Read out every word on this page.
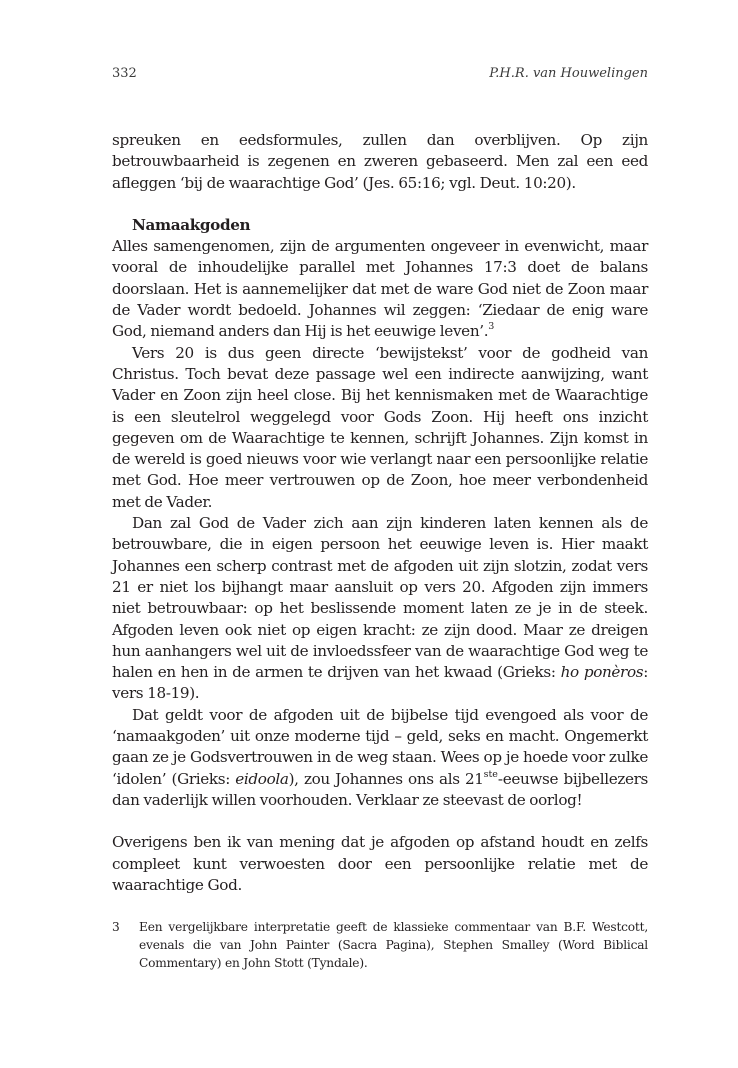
332	P.H.R. van Houwelingen

spreuken en eedsformules, zullen dan overblijven. Op zijn betrouwbaarheid is zegenen en zweren gebaseerd. Men zal een eed afleggen ‘bij de waarachtige God’ (Jes. 65:16; vgl. Deut. 10:20).

Namaakgoden

Alles samengenomen, zijn de argumenten ongeveer in evenwicht, maar vooral de inhoudelijke parallel met Johannes 17:3 doet de balans doorslaan. Het is aannemelijker dat met de ware God niet de Zoon maar de Vader wordt bedoeld. Johannes wil zeggen: ‘Ziedaar de enig ware God, niemand anders dan Hij is het eeuwige leven’.$^3$

Vers 20 is dus geen directe ‘bewijstekst’ voor de godheid van Christus. Toch bevat deze passage wel een indirecte aanwijzing, want Vader en Zoon zijn heel close. Bij het kennismaken met de Waarachtige is een sleutelrol weggelegd voor Gods Zoon. Hij heeft ons inzicht gegeven om de Waarachtige te kennen, schrijft Johannes. Zijn komst in de wereld is goed nieuws voor wie verlangt naar een persoonlijke relatie met God. Hoe meer vertrouwen op de Zoon, hoe meer verbondenheid met de Vader.

Dan zal God de Vader zich aan zijn kinderen laten kennen als de betrouwbare, die in eigen persoon het eeuwige leven is. Hier maakt Johannes een scherp contrast met de afgoden uit zijn slotzin, zodat vers 21 er niet los bijhangt maar aansluit op vers 20. Afgoden zijn immers niet betrouwbaar: op het beslissende moment laten ze je in de steek. Afgoden leven ook niet op eigen kracht: ze zijn dood. Maar ze dreigen hun aanhangers wel uit de invloedssfeer van de waarachtige God weg te halen en hen in de armen te drijven van het kwaad (Grieks: ho ponèros: vers 18-19).

Dat geldt voor de afgoden uit de bijbelse tijd evengoed als voor de ‘namaakgoden’ uit onze moderne tijd – geld, seks en macht. Ongemerkt gaan ze je Godsvertrouwen in de weg staan. Wees op je hoede voor zulke ‘idolen’ (Grieks: eidoola), zou Johannes ons als 21ste-eeuwse bijbellezers dan vaderlijk willen voorhouden. Verklaar ze steevast de oorlog!

Overigens ben ik van mening dat je afgoden op afstand houdt en zelfs compleet kunt verwoesten door een persoonlijke relatie met de waarachtige God.

3 Een vergelijkbare interpretatie geeft de klassieke commentaar van B.F. Westcott, evenals die van John Painter (Sacra Pagina), Stephen Smalley (Word Biblical Commentary) en John Stott (Tyndale).
